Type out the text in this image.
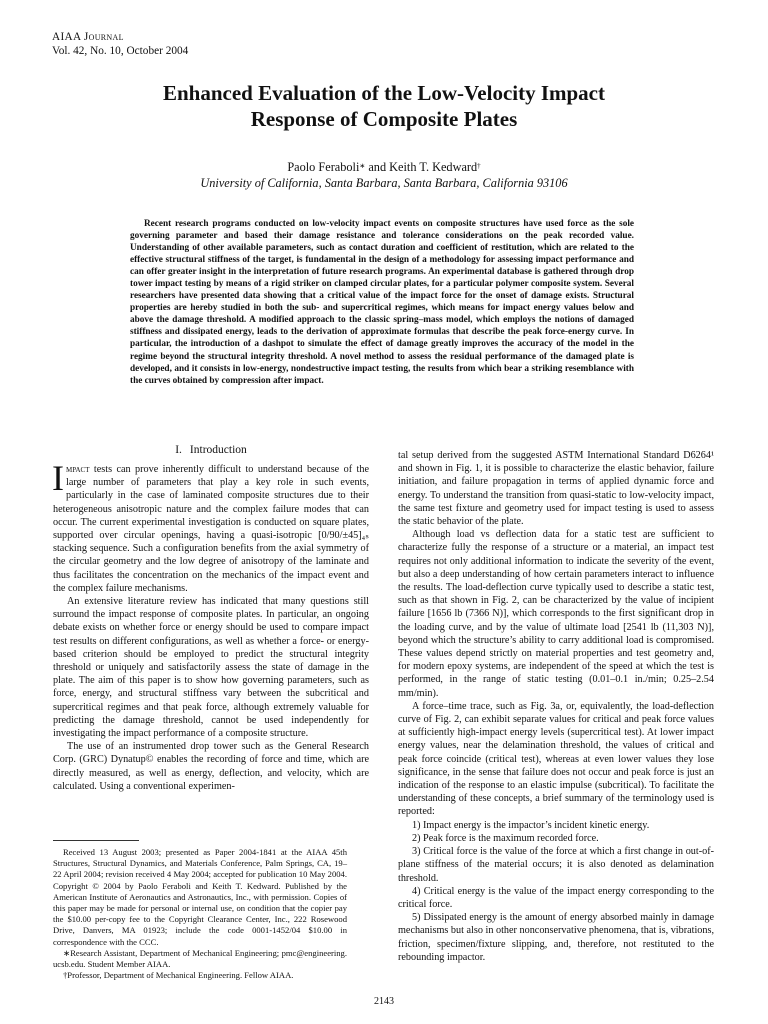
AIAA Journal
Vol. 42, No. 10, October 2004
Enhanced Evaluation of the Low-Velocity Impact
Response of Composite Plates
Paolo Feraboli∗ and Keith T. Kedward†
University of California, Santa Barbara, Santa Barbara, California 93106
Recent research programs conducted on low-velocity impact events on composite structures have used force as the sole governing parameter and based their damage resistance and tolerance considerations on the peak recorded value. Understanding of other available parameters, such as contact duration and coefficient of restitution, which are related to the effective structural stiffness of the target, is fundamental in the design of a methodology for assessing impact performance and can offer greater insight in the interpretation of future research programs. An experimental database is gathered through drop tower impact testing by means of a rigid striker on clamped circular plates, for a particular polymer composite system. Several researchers have presented data showing that a critical value of the impact force for the onset of damage exists. Structural properties are hereby studied in both the sub- and supercritical regimes, which means for impact energy values below and above the damage threshold. A modified approach to the classic spring–mass model, which employs the notions of damaged stiffness and dissipated energy, leads to the derivation of approximate formulas that describe the peak force-energy curve. In particular, the introduction of a dashpot to simulate the effect of damage greatly improves the accuracy of the model in the regime beyond the structural integrity threshold. A novel method to assess the residual performance of the damaged plate is developed, and it consists in low-energy, nondestructive impact testing, the results from which bear a striking resemblance with the curves obtained by compression after impact.
I. Introduction

Impact tests can prove inherently difficult to understand because of the large number of parameters that play a key role in such events, particularly in the case of laminated composite structures due to their heterogeneous anisotropic nature and the complex failure modes that can occur. The current experimental investigation is conducted on square plates, supported over circular openings, having a quasi-isotropic [0/90/±45]₄ₛ stacking sequence. Such a configuration benefits from the axial symmetry of the circular geometry and the low degree of anisotropy of the laminate and thus facilitates the concentration on the mechanics of the impact event and the complex failure mechanisms.

An extensive literature review has indicated that many questions still surround the impact response of composite plates. In particular, an ongoing debate exists on whether force or energy should be used to compare impact test results on different configurations, as well as whether a force- or energy-based criterion should be employed to predict the structural integrity threshold or uniquely and satisfactorily assess the state of damage in the plate. The aim of this paper is to show how governing parameters, such as force, energy, and structural stiffness vary between the subcritical and supercritical regimes and that peak force, although extremely valuable for predicting the damage threshold, cannot be used independently for investigating the impact performance of a composite structure.

The use of an instrumented drop tower such as the General Research Corp. (GRC) Dynatup© enables the recording of force and time, which are directly measured, as well as energy, deflection, and velocity, which are calculated. Using a conventional experimen-

Received 13 August 2003; presented as Paper 2004-1841 at the AIAA 45th Structures, Structural Dynamics, and Materials Conference, Palm Springs, CA, 19–22 April 2004; revision received 4 May 2004; accepted for publication 10 May 2004. Copyright © 2004 by Paolo Feraboli and Keith T. Kedward. Published by the American Institute of Aeronautics and Astronautics, Inc., with permission. Copies of this paper may be made for personal or internal use, on condition that the copier pay the $10.00 per-copy fee to the Copyright Clearance Center, Inc., 222 Rosewood Drive, Danvers, MA 01923; include the code 0001-1452/04 $10.00 in correspondence with the CCC.

∗Research Assistant, Department of Mechanical Engineering; pmc@engineering. ucsb.edu. Student Member AIAA.

†Professor, Department of Mechanical Engineering. Fellow AIAA.

tal setup derived from the suggested ASTM International Standard D6264¹ and shown in Fig. 1, it is possible to characterize the elastic behavior, failure initiation, and failure propagation in terms of applied dynamic force and energy. To understand the transition from quasi-static to low-velocity impact, the same test fixture and geometry used for impact testing is used to assess the static behavior of the plate.

Although load vs deflection data for a static test are sufficient to characterize fully the response of a structure or a material, an impact test requires not only additional information to indicate the severity of the event, but also a deep understanding of how certain parameters interact to influence the results. The load-deflection curve typically used to describe a static test, such as that shown in Fig. 2, can be characterized by the value of incipient failure [1656 lb (7366 N)], which corresponds to the first significant drop in the loading curve, and by the value of ultimate load [2541 lb (11,303 N)], beyond which the structure’s ability to carry additional load is compromised. These values depend strictly on material properties and test geometry and, for modern epoxy systems, are independent of the speed at which the test is performed, in the range of static testing (0.01–0.1 in./min; 0.25–2.54 mm/min).

A force–time trace, such as Fig. 3a, or, equivalently, the load-deflection curve of Fig. 2, can exhibit separate values for critical and peak force values at sufficiently high-impact energy levels (supercritical test). At lower impact energy values, near the delamination threshold, the values of critical and peak force coincide (critical test), whereas at even lower values they lose significance, in the sense that failure does not occur and peak force is just an indication of the response to an elastic impulse (subcritical). To facilitate the understanding of these concepts, a brief summary of the terminology used is reported:

1) Impact energy is the impactor’s incident kinetic energy.

2) Peak force is the maximum recorded force.

3) Critical force is the value of the force at which a first change in out-of-plane stiffness of the material occurs; it is also denoted as delamination threshold.

4) Critical energy is the value of the impact energy corresponding to the critical force.

5) Dissipated energy is the amount of energy absorbed mainly in damage mechanisms but also in other nonconservative phenomena, that is, vibrations, friction, specimen/fixture slipping, and, therefore, not restituted to the rebounding impactor.

2143
